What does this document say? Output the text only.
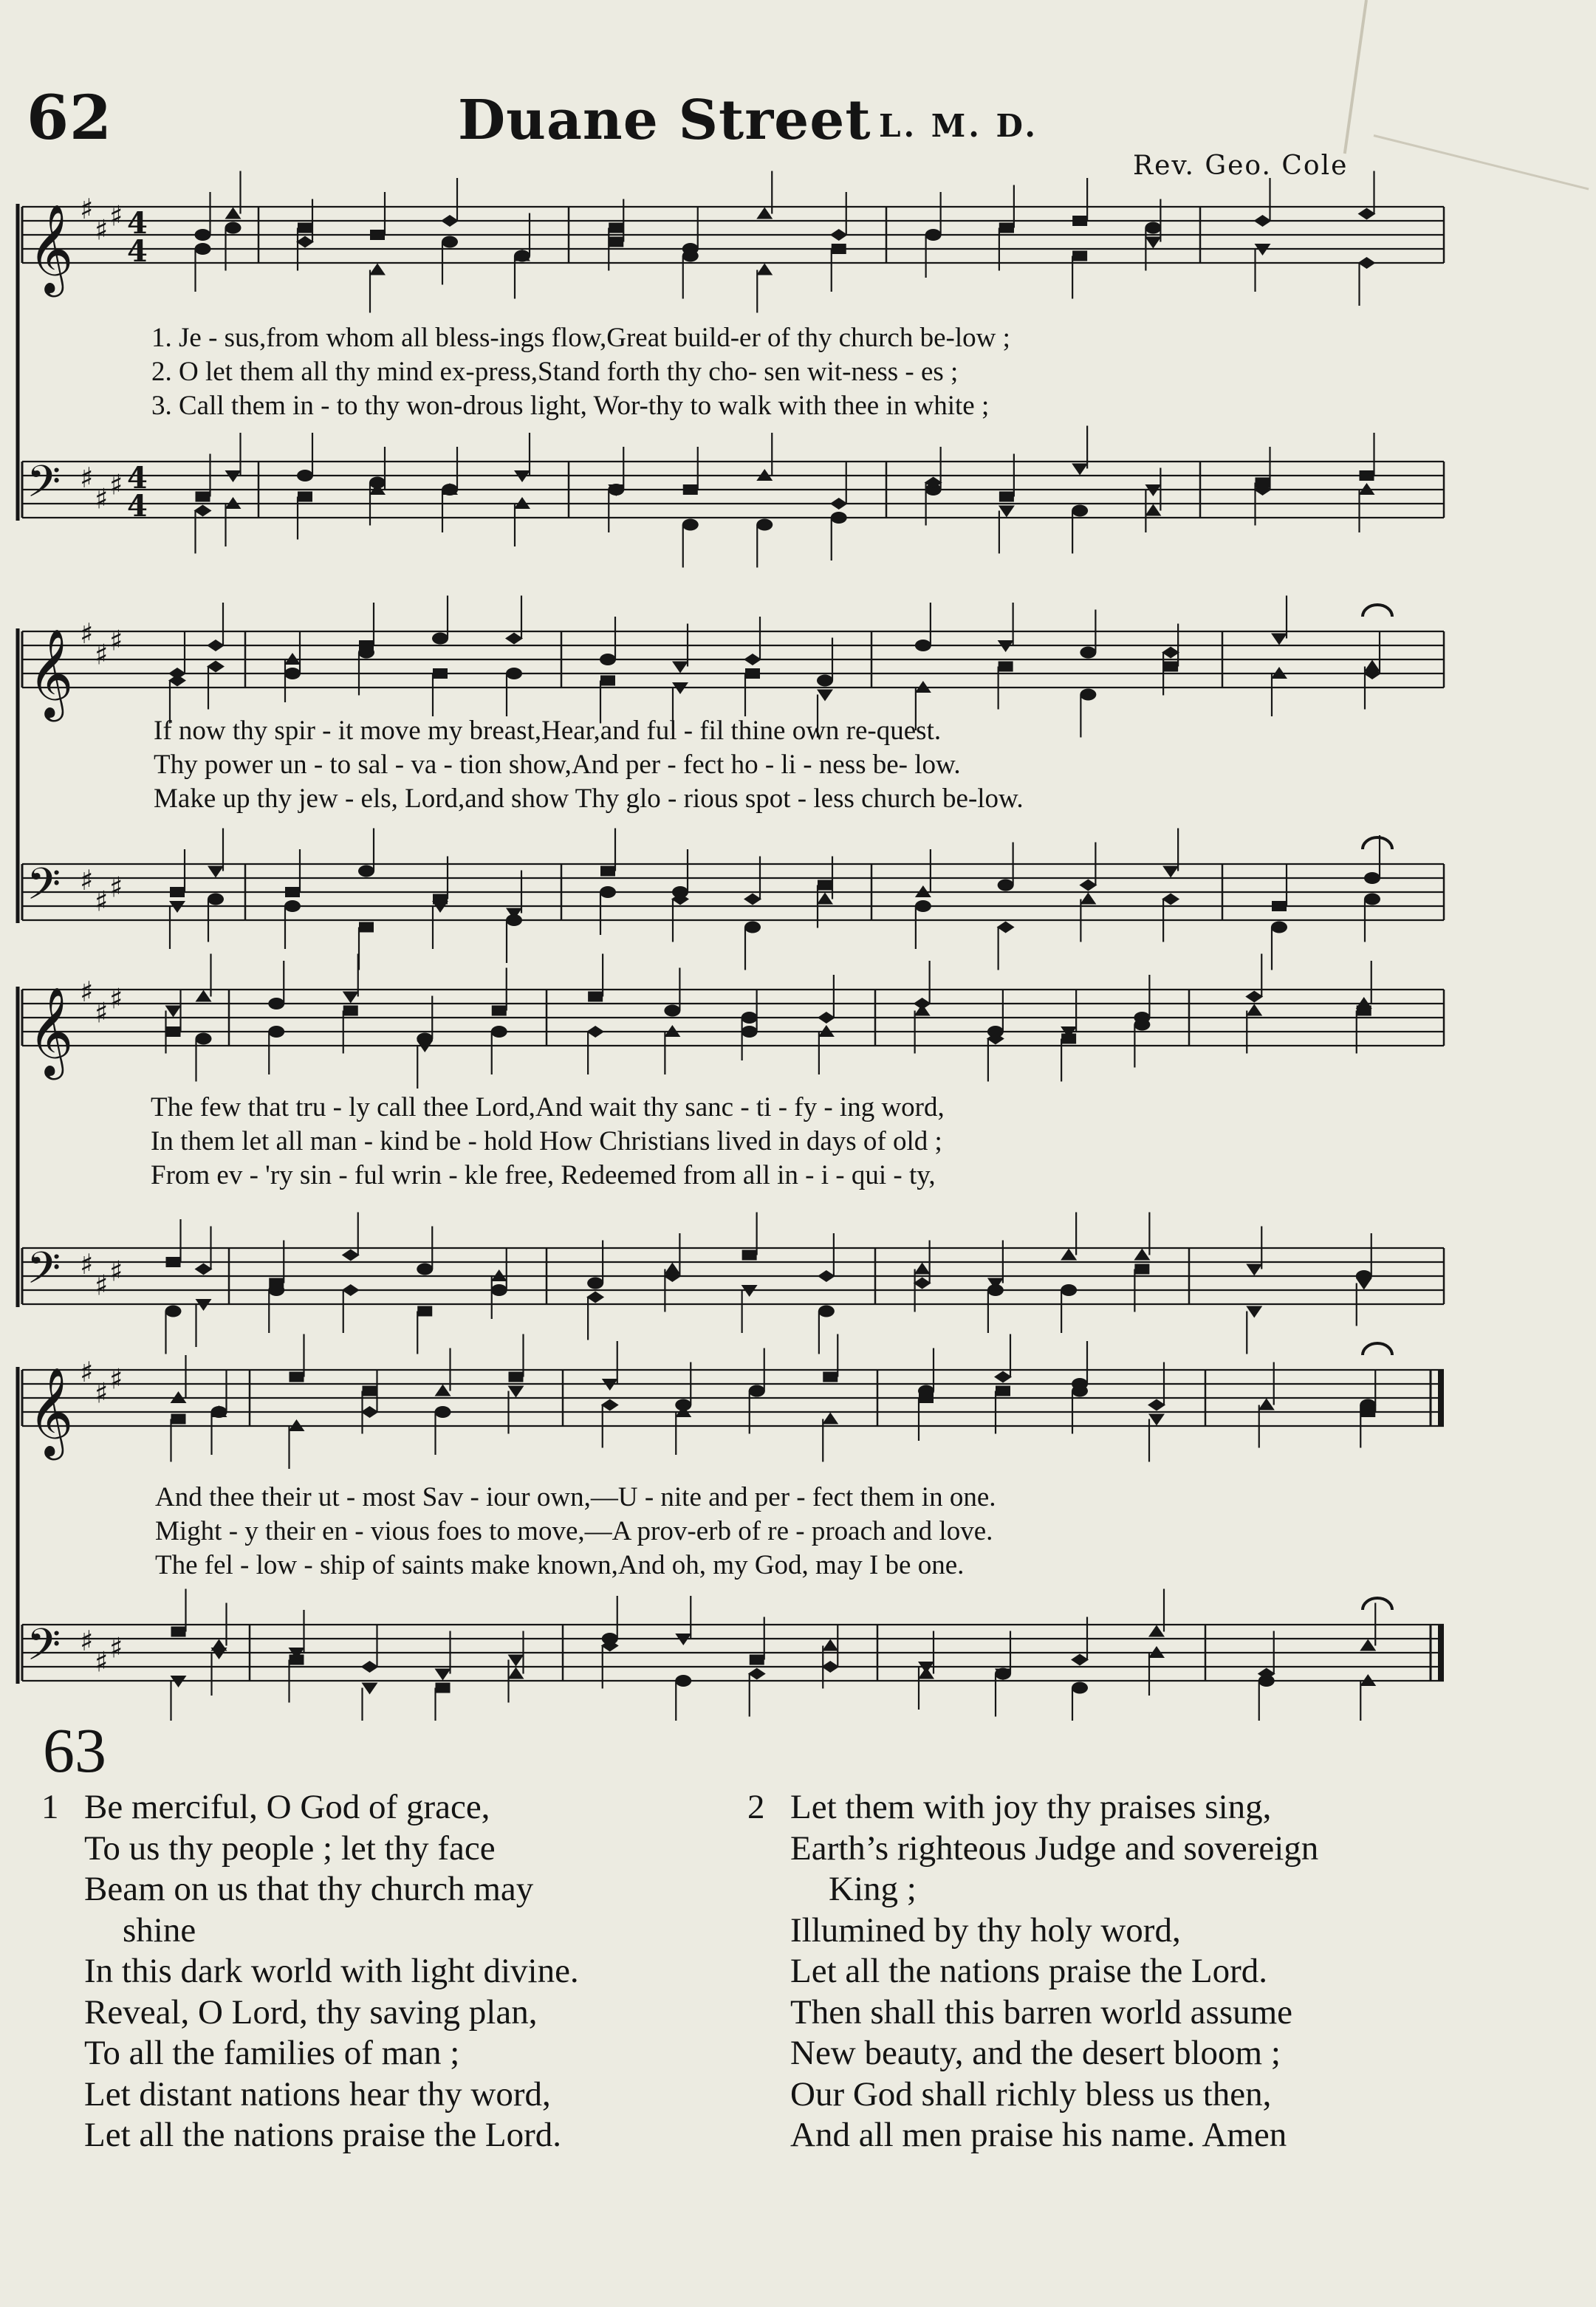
62	Duane Street L. M. D.
Rev. Geo. Cole
𝄞 ♯
♯ ♯ 4
4
𝄢 ♯
♯ ♯ 4
4
𝄞 ♯
♯ ♯
𝄢 ♯
♯ ♯
𝄞 ♯
♯ ♯
𝄢 ♯
♯ ♯
𝄞 ♯
♯ ♯
𝄢 ♯
♯ ♯
1. Je - sus,from whom all bless-ings flow,Great build-er of thy church be-low ;
2. O let them all thy mind ex-press,Stand forth thy cho- sen wit-ness - es ;
3. Call them in - to thy won-drous light, Wor-thy to walk with thee in white ;
If now thy spir - it move my breast,Hear,and ful - fil thine own re-quest.
Thy power un - to sal - va - tion show,And per - fect ho - li - ness be- low.
Make up thy jew - els, Lord,and show Thy glo - rious spot - less church be-low.
The few that tru - ly call thee Lord,And wait thy sanc - ti - fy - ing word,
In them let all man - kind be - hold How Christians lived in days of old ;
From ev - 'ry sin - ful wrin - kle free, Redeemed from all in - i - qui - ty,
And thee their ut - most Sav - iour own,—U - nite and per - fect them in one.
Might - y their en - vious foes to move,—A prov-erb of re - proach and love.
The fel - low - ship of saints make known,And oh, my God, may I be one.
63
1 Be merciful, O God of grace,
To us thy people ; let thy face
Beam on us that thy church may
shine
In this dark world with light divine.
Reveal, O Lord, thy saving plan,
To all the families of man ;
Let distant nations hear thy word,
Let all the nations praise the Lord.
2 Let them with joy thy praises sing,
Earth’s righteous Judge and sovereign
King ;
Illumined by thy holy word,
Let all the nations praise the Lord.
Then shall this barren world assume
New beauty, and the desert bloom ;
Our God shall richly bless us then,
And all men praise his name. Amen
